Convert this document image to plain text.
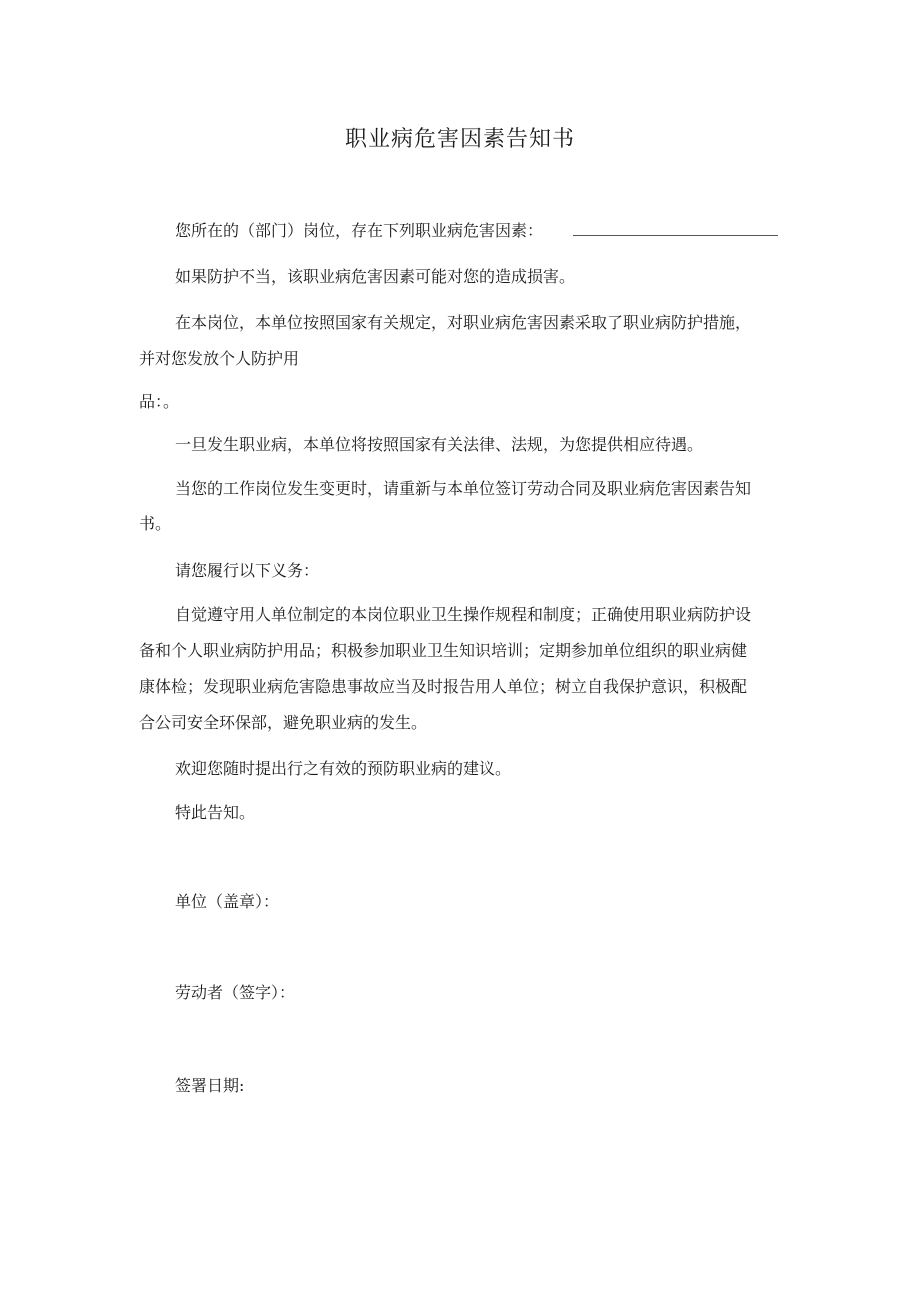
职业病危害因素告知书
您所在的（部门）岗位，存在下列职业病危害因素：
如果防护不当，该职业病危害因素可能对您的造成损害。
在本岗位，本单位按照国家有关规定，对职业病危害因素采取了职业病防护措施，
并对您发放个人防护用
品：。
一旦发生职业病，本单位将按照国家有关法律、法规，为您提供相应待遇。
当您的工作岗位发生变更时，请重新与本单位签订劳动合同及职业病危害因素告知
书。
请您履行以下义务：
自觉遵守用人单位制定的本岗位职业卫生操作规程和制度；正确使用职业病防护设
备和个人职业病防护用品；积极参加职业卫生知识培训；定期参加单位组织的职业病健
康体检；发现职业病危害隐患事故应当及时报告用人单位；树立自我保护意识，积极配
合公司安全环保部，避免职业病的发生。
欢迎您随时提出行之有效的预防职业病的建议。
特此告知。
单位（盖章）：
劳动者（签字）：
签署日期:
